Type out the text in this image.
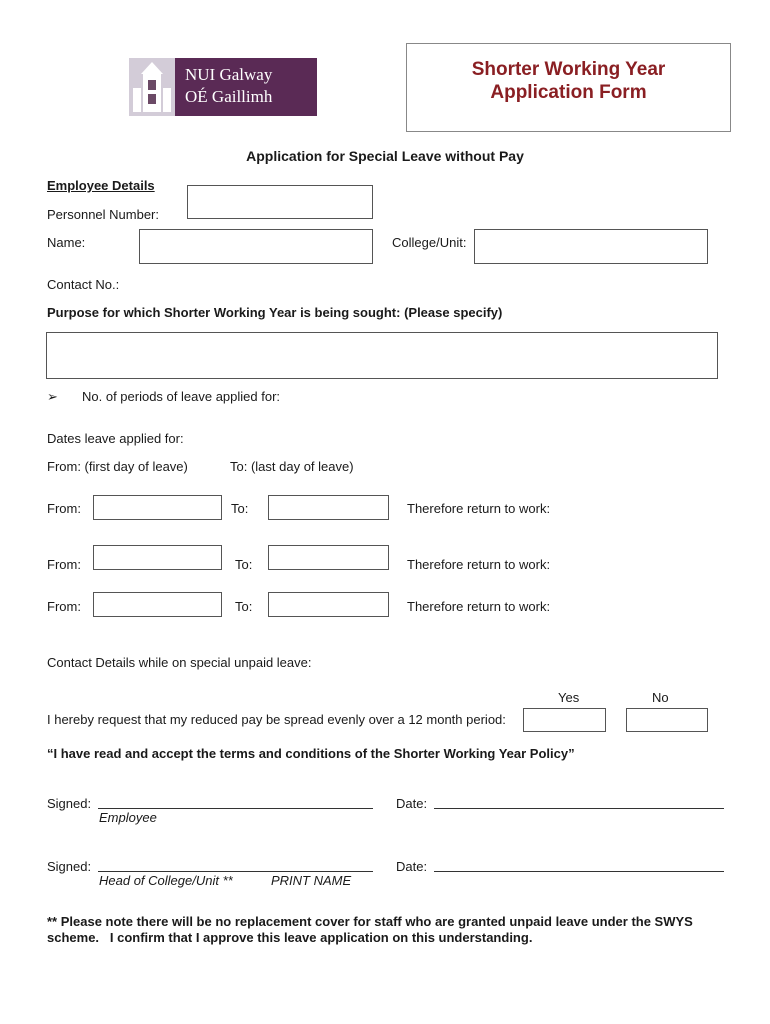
NUI Galway
OÉ Gaillimh
Shorter Working Year
Application Form
Application for Special Leave without Pay
Employee Details
Personnel Number:
Name:	College/Unit:
Contact No.:
Purpose for which Shorter Working Year is being sought: (Please specify)
➢ No. of periods of leave applied for:
Dates leave applied for:
From: (first day of leave)	To: (last day of leave)
From:	To:	Therefore return to work:
From:	To:	Therefore return to work:
From:	To:	Therefore return to work:
Contact Details while on special unpaid leave:
Yes	No
I hereby request that my reduced pay be spread evenly over a 12 month period:
“I have read and accept the terms and conditions of the Shorter Working Year Policy”
Signed:
Employee
Date:
Signed:
Head of College/Unit **	PRINT NAME
Date:
** Please note there will be no replacement cover for staff who are granted unpaid leave under the SWYS
scheme.   I confirm that I approve this leave application on this understanding.
